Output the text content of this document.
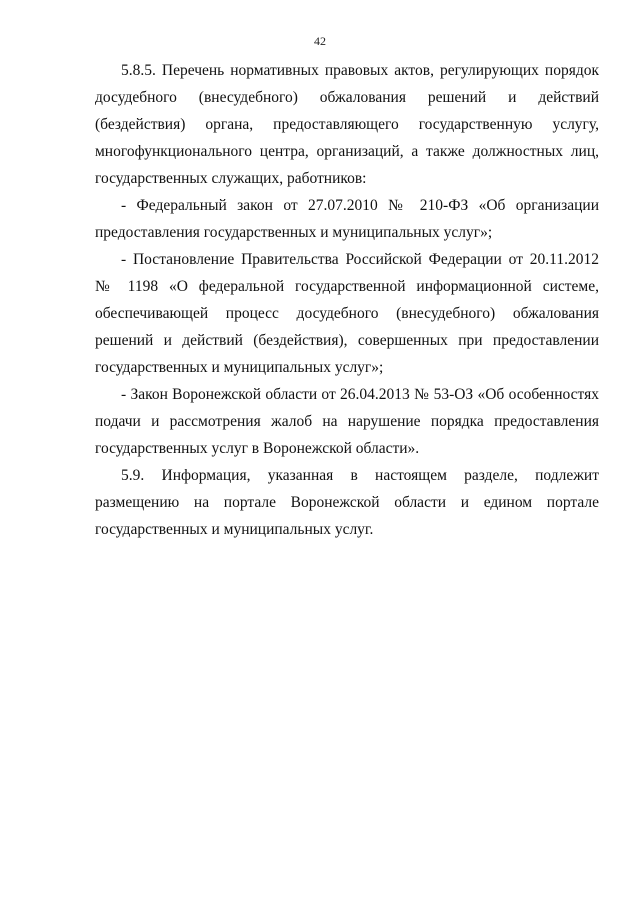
42

5.8.5. Перечень нормативных правовых актов, регулирующих порядок досудебного (внесудебного) обжалования решений и действий (бездействия) органа, предоставляющего государственную услугу, многофункционального центра, организаций, а также должностных лиц, государственных служащих, работников:

- Федеральный закон от 27.07.2010 № 210-ФЗ «Об организации предоставления государственных и муниципальных услуг»;

- Постановление Правительства Российской Федерации от 20.11.2012 № 1198 «О федеральной государственной информационной системе, обеспечивающей процесс досудебного (внесудебного) обжалования решений и действий (бездействия), совершенных при предоставлении государственных и муниципальных услуг»;

- Закон Воронежской области от 26.04.2013 № 53-ОЗ «Об особенностях подачи и рассмотрения жалоб на нарушение порядка предоставления государственных услуг в Воронежской области».

5.9. Информация, указанная в настоящем разделе, подлежит размещению на портале Воронежской области и едином портале государственных и муниципальных услуг.
